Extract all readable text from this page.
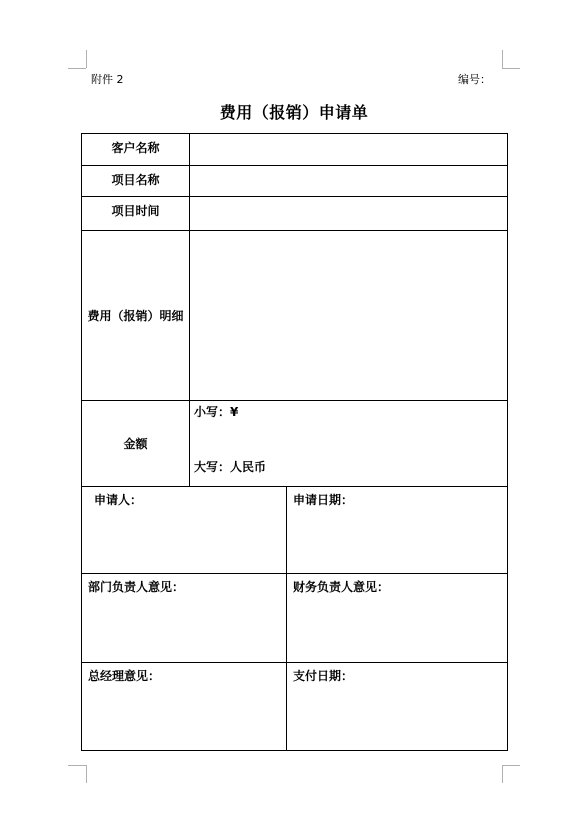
附件 2	编号：
费用（报销）申请单
客户名称
项目名称
项目时间
费用（报销）明细
金额
小写：¥
大写：人民币
申请人：	申请日期：
部门负责人意见：	财务负责人意见：
总经理意见：	支付日期：
